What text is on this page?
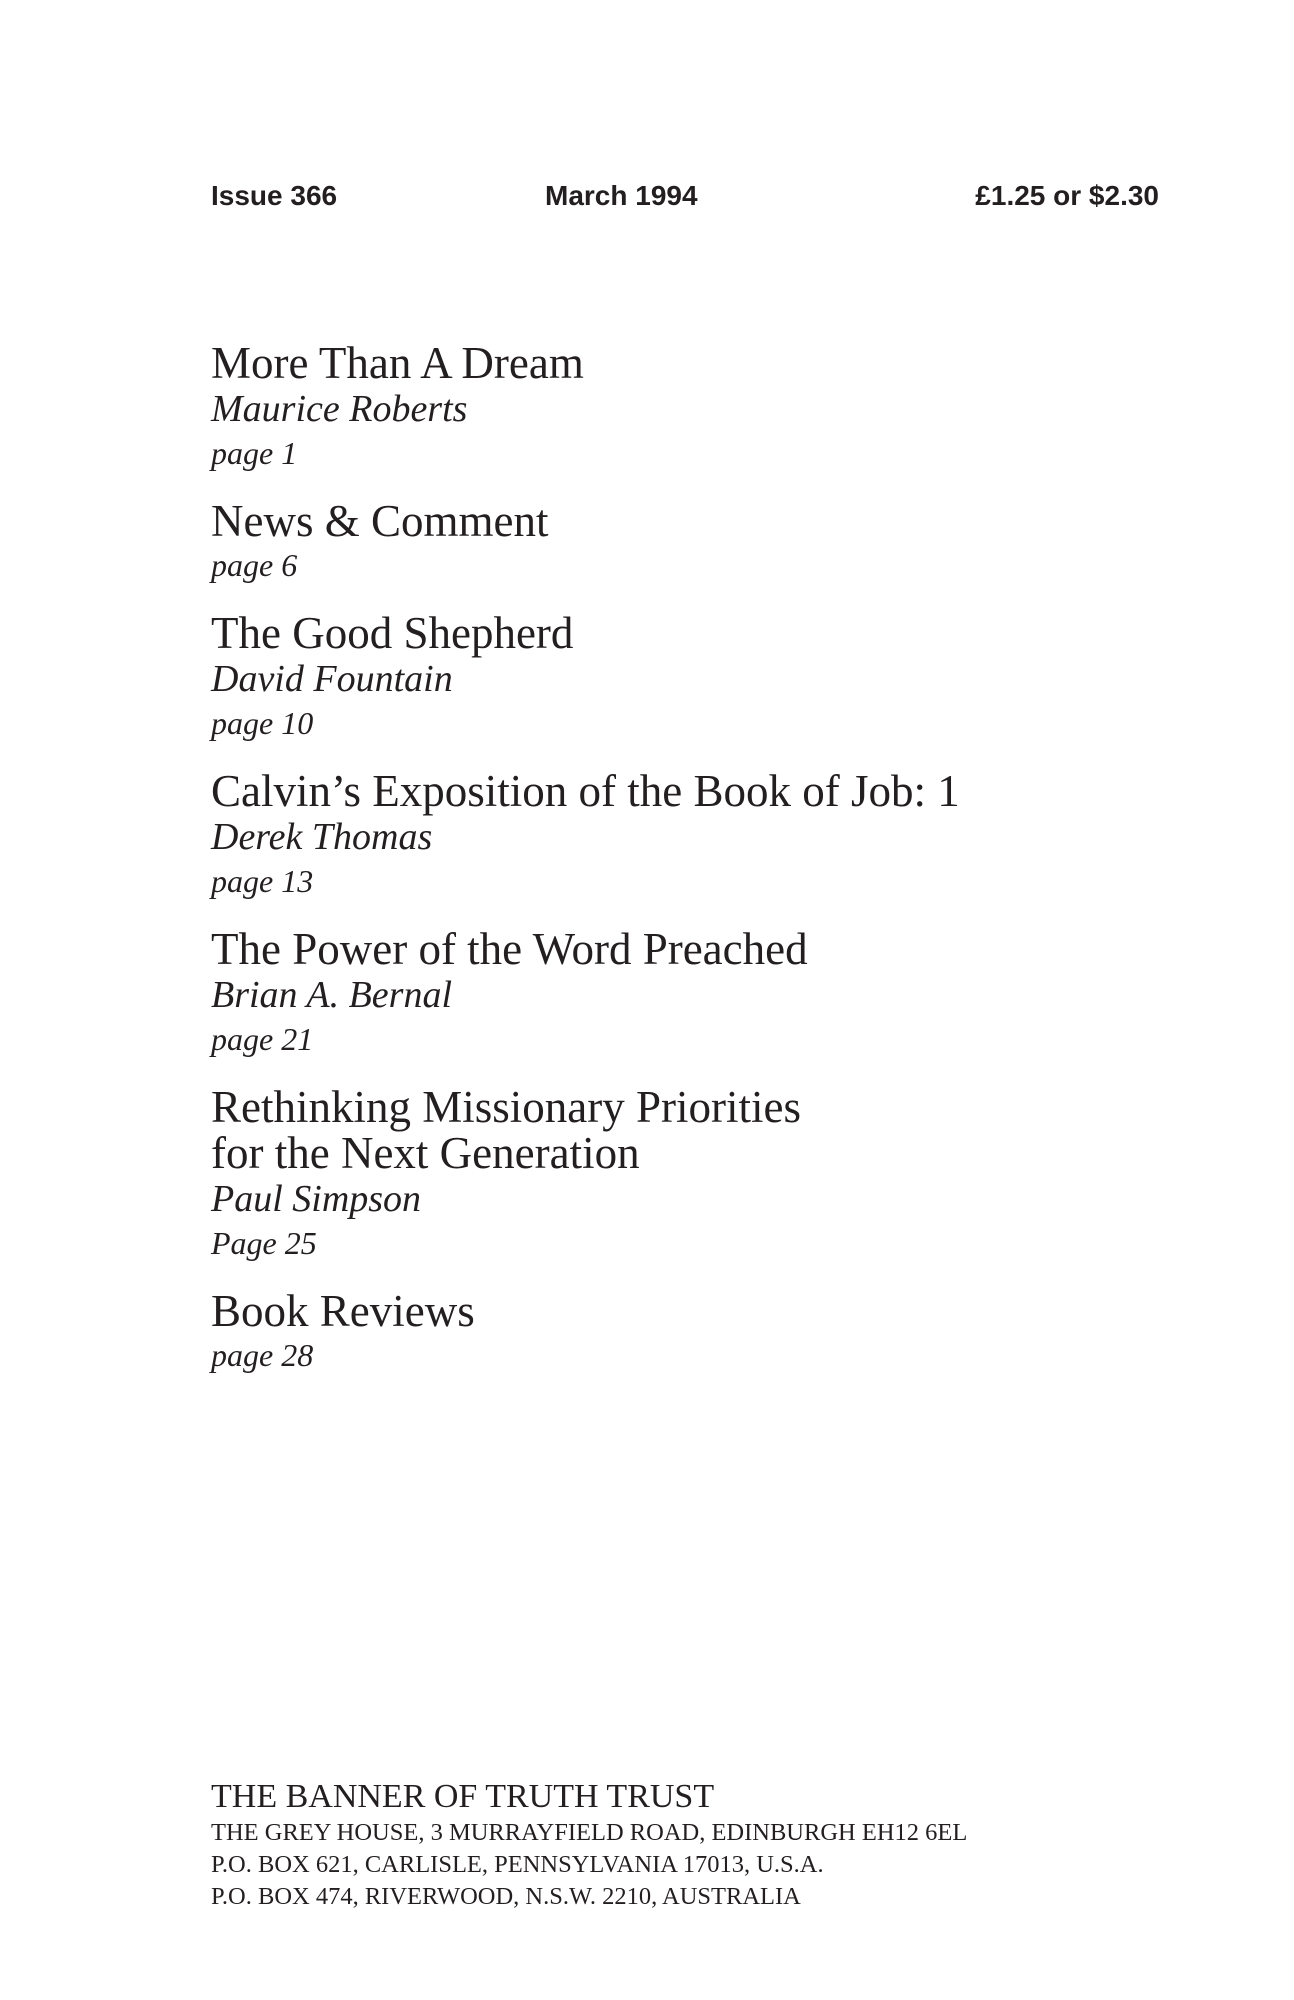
Issue 366	March 1994	£1.25 or $2.30
More Than A Dream
Maurice Roberts
page 1
News & Comment
page 6
The Good Shepherd
David Fountain
page 10
Calvin’s Exposition of the Book of Job: 1
Derek Thomas
page 13
The Power of the Word Preached
Brian A. Bernal
page 21
Rethinking Missionary Priorities
for the Next Generation
Paul Simpson
Page 25
Book Reviews
page 28
THE BANNER OF TRUTH TRUST
THE GREY HOUSE, 3 MURRAYFIELD ROAD, EDINBURGH EH12 6EL
P.O. BOX 621, CARLISLE, PENNSYLVANIA 17013, U.S.A.
P.O. BOX 474, RIVERWOOD, N.S.W. 2210, AUSTRALIA
